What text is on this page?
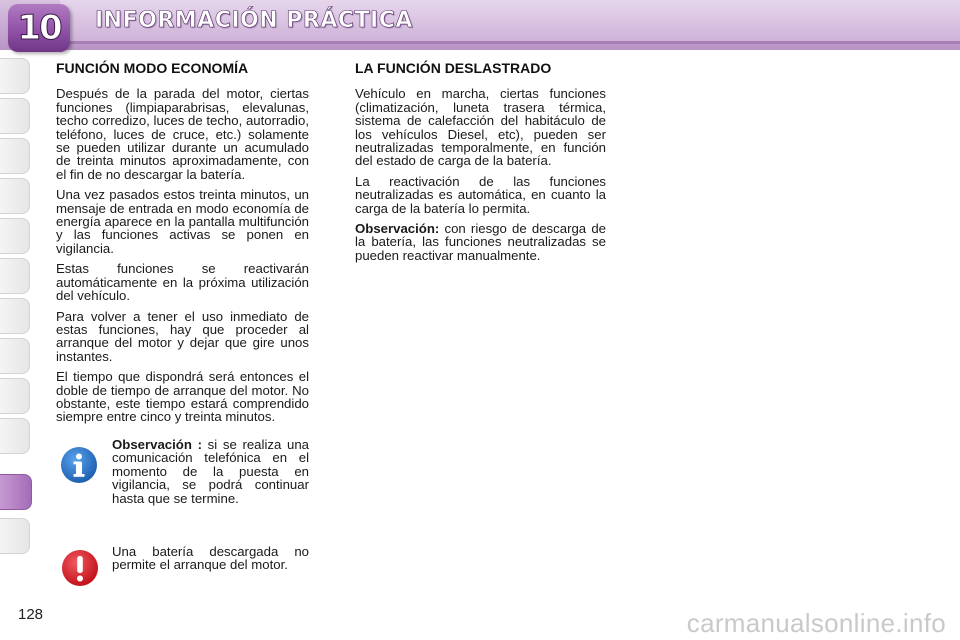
10	INFORMACIÓN PRÁCTICA
FUNCIÓN MODO ECONOMÍA

Después de la parada del motor, ciertas funciones (limpiaparabrisas, elevalunas, techo corredizo, luces de techo, autorradio, teléfono, luces de cruce, etc.) solamente se pueden utilizar durante un acumulado de treinta minutos aproximadamente, con el fin de no descargar la batería.

Una vez pasados estos treinta minutos, un mensaje de entrada en modo economía de energía aparece en la pantalla multifunción y las funciones activas se ponen en vigilancia.

Estas funciones se reactivarán automáticamente en la próxima utilización del vehículo.

Para volver a tener el uso inmediato de estas funciones, hay que proceder al arranque del motor y dejar que gire unos instantes.

El tiempo que dispondrá será entonces el doble de tiempo de arranque del motor. No obstante, este tiempo estará comprendido siempre entre cinco y treinta minutos.

Observación : si se realiza una comunicación telefónica en el momento de la puesta en vigilancia, se podrá continuar hasta que se termine.
Una batería descargada no permite el arranque del motor.
LA FUNCIÓN DESLASTRADO

Vehículo en marcha, ciertas funciones (climatización, luneta trasera térmica, sistema de calefacción del habitáculo de los vehículos Diesel, etc), pueden ser neutralizadas temporalmente, en función del estado de carga de la batería.

La reactivación de las funciones neutralizadas es automática, en cuanto la carga de la batería lo permita.

Observación: con riesgo de descarga de la batería, las funciones neutralizadas se pueden reactivar manualmente.

128	carmanualsonline.info
